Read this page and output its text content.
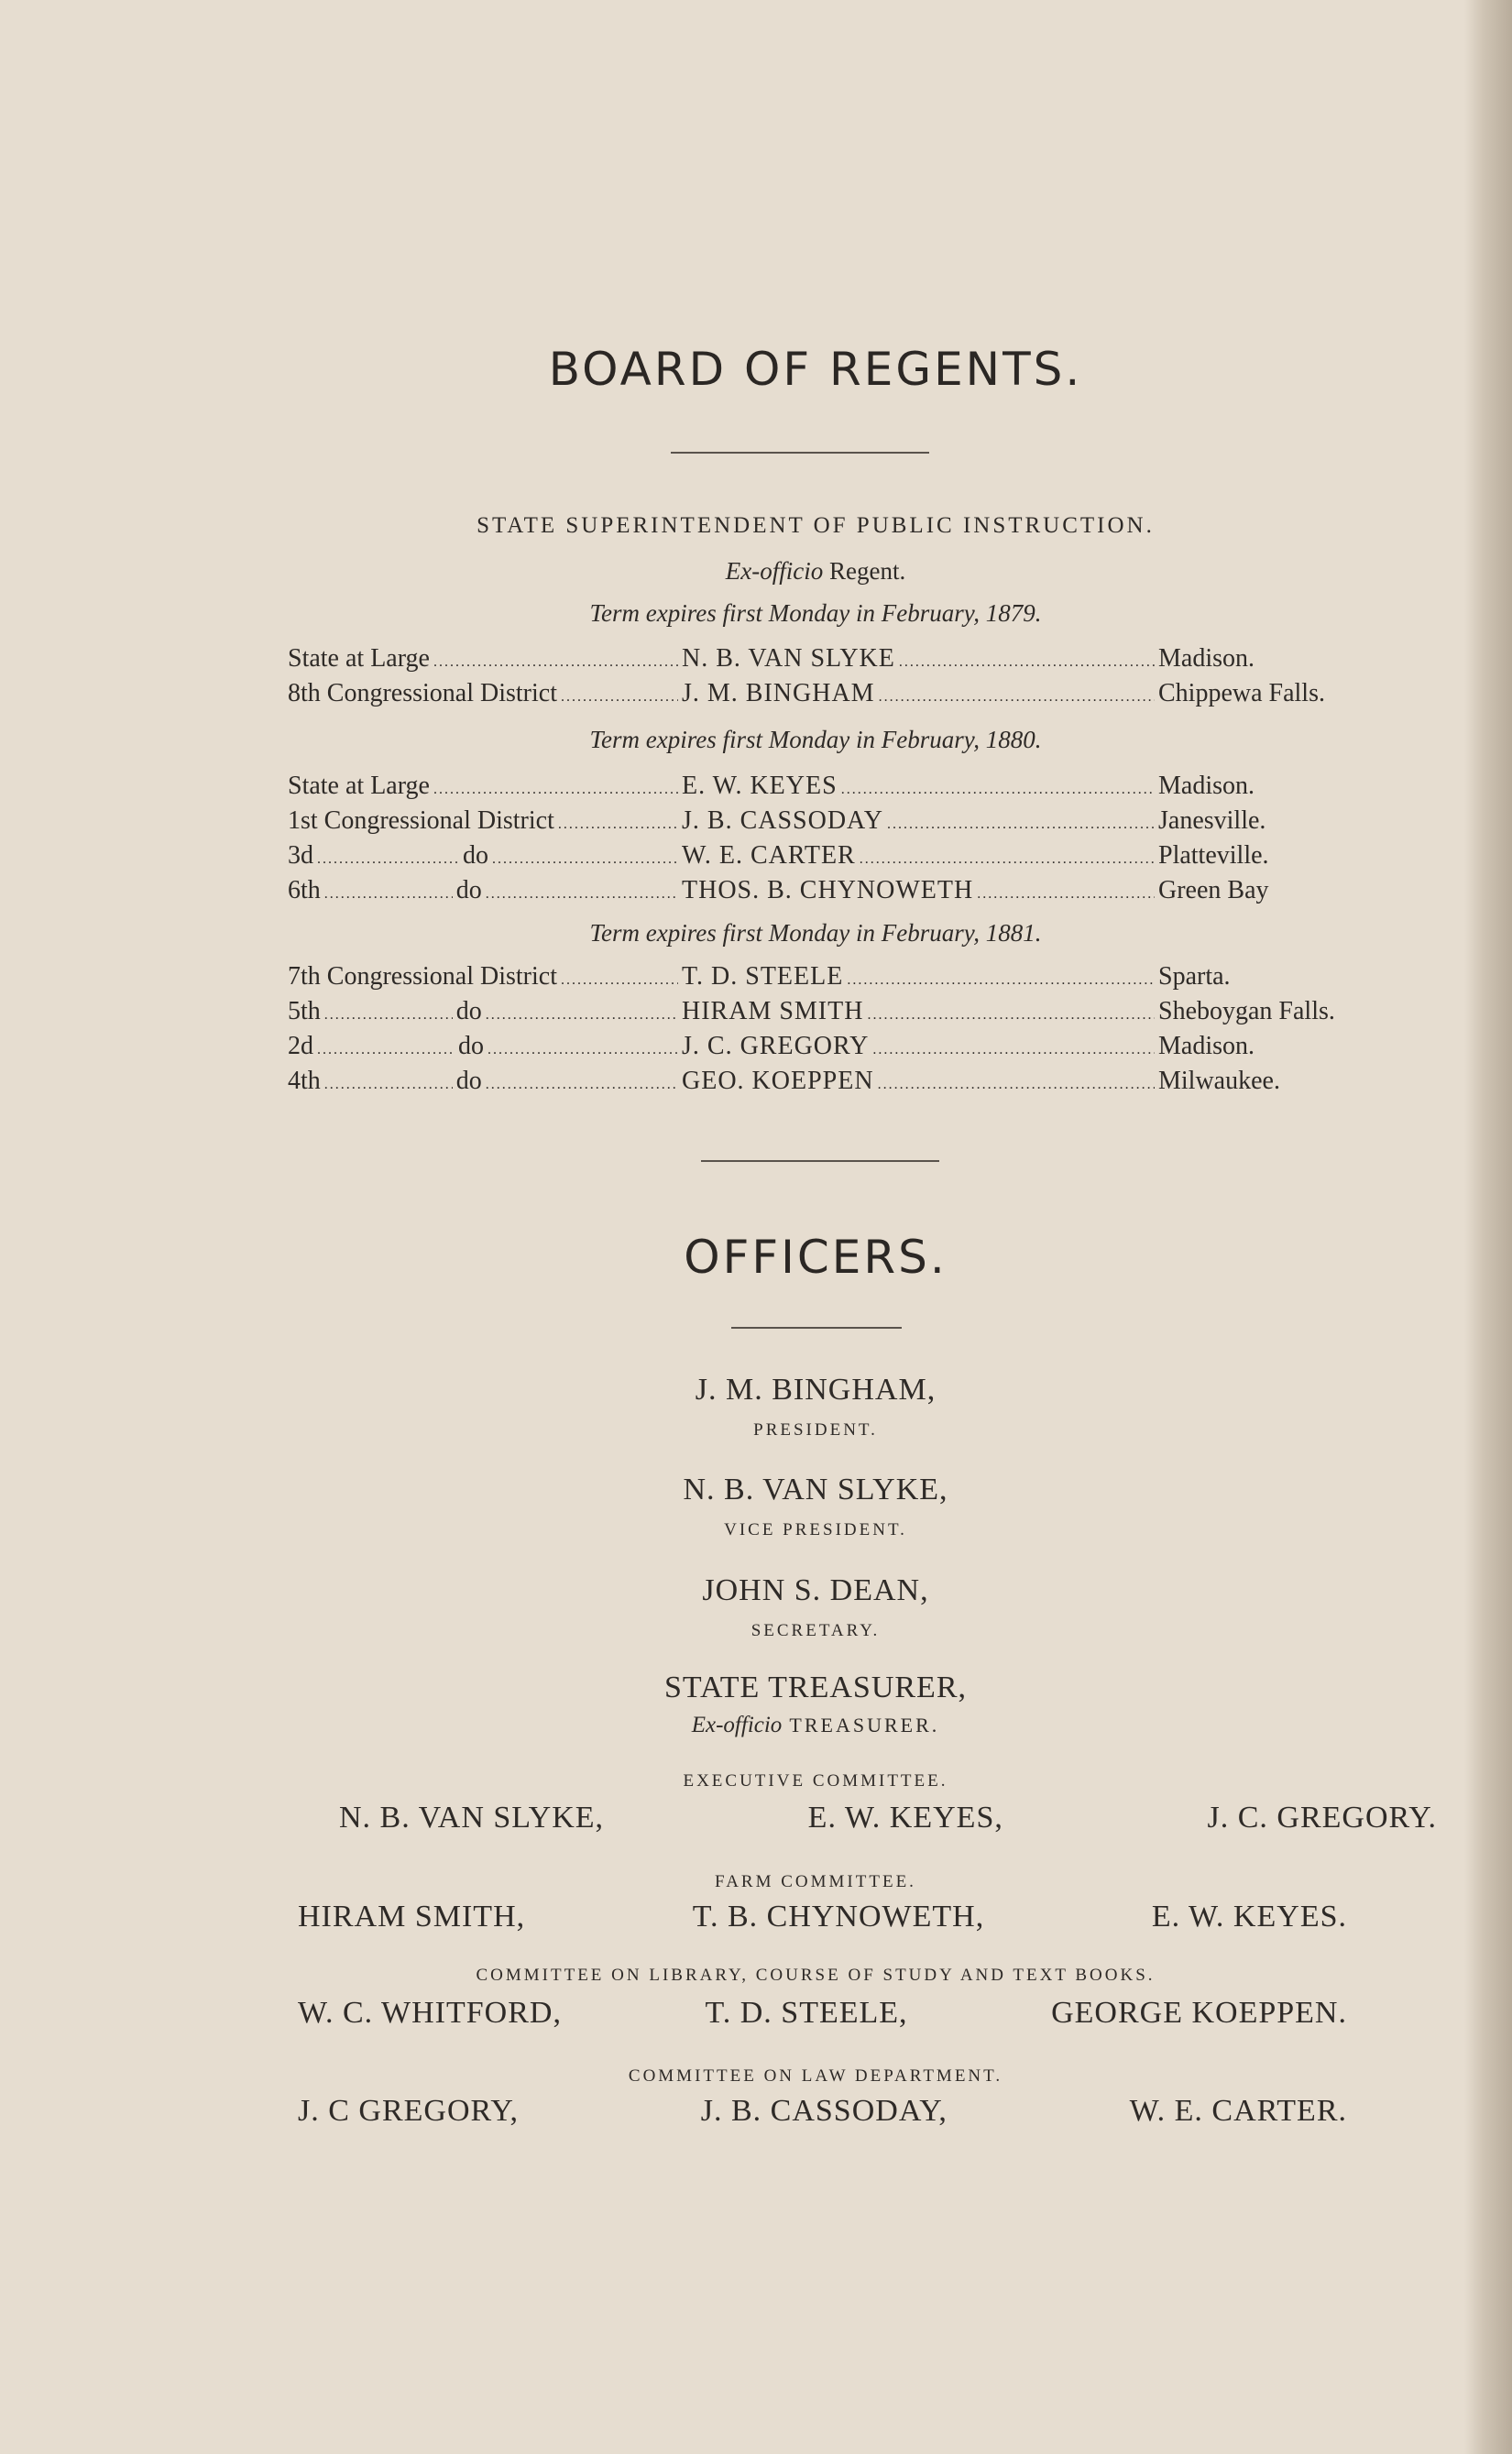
BOARD OF REGENTS.
STATE SUPERINTENDENT OF PUBLIC INSTRUCTION.
Ex-officio Regent.
Term expires first Monday in February, 1879.
State at Large . . .	N. B. VAN SLYKE . . .	Madison.
8th Congressional District . . .	J. M. BINGHAM . . .	Chippewa Falls.
Term expires first Monday in February, 1880.
State at Large . . .	E. W. KEYES . . .	Madison.
1st Congressional District . . .	J. B. CASSODAY . . .	Janesville.
3d . . .	do . . .	W. E. CARTER . . .	Platteville.
6th . . .	do . . .	THOS. B. CHYNOWETH . . .	Green Bay
Term expires first Monday in February, 1881.
7th Congressional District . . .	T. D. STEELE . . .	Sparta.
5th . . .	do . . .	HIRAM SMITH . . .	Sheboygan Falls.
2d . . .	do . . .	J. C. GREGORY . . .	Madison.
4th . . .	do . . .	GEO. KOEPPEN . . .	Milwaukee.
OFFICERS.
J. M. BINGHAM,
PRESIDENT.
N. B. VAN SLYKE,
VICE PRESIDENT.
JOHN S. DEAN,
SECRETARY.
STATE TREASURER,
Ex-officio TREASURER.
EXECUTIVE COMMITTEE.
N. B. VAN SLYKE,	E. W. KEYES,	J. C. GREGORY.
FARM COMMITTEE.
HIRAM SMITH,	T. B. CHYNOWETH,	E. W. KEYES.
COMMITTEE ON LIBRARY, COURSE OF STUDY AND TEXT BOOKS.
W. C. WHITFORD,	T. D. STEELE,	GEORGE KOEPPEN.
COMMITTEE ON LAW DEPARTMENT.
J. C GREGORY,	J. B. CASSODAY,	W. E. CARTER.
